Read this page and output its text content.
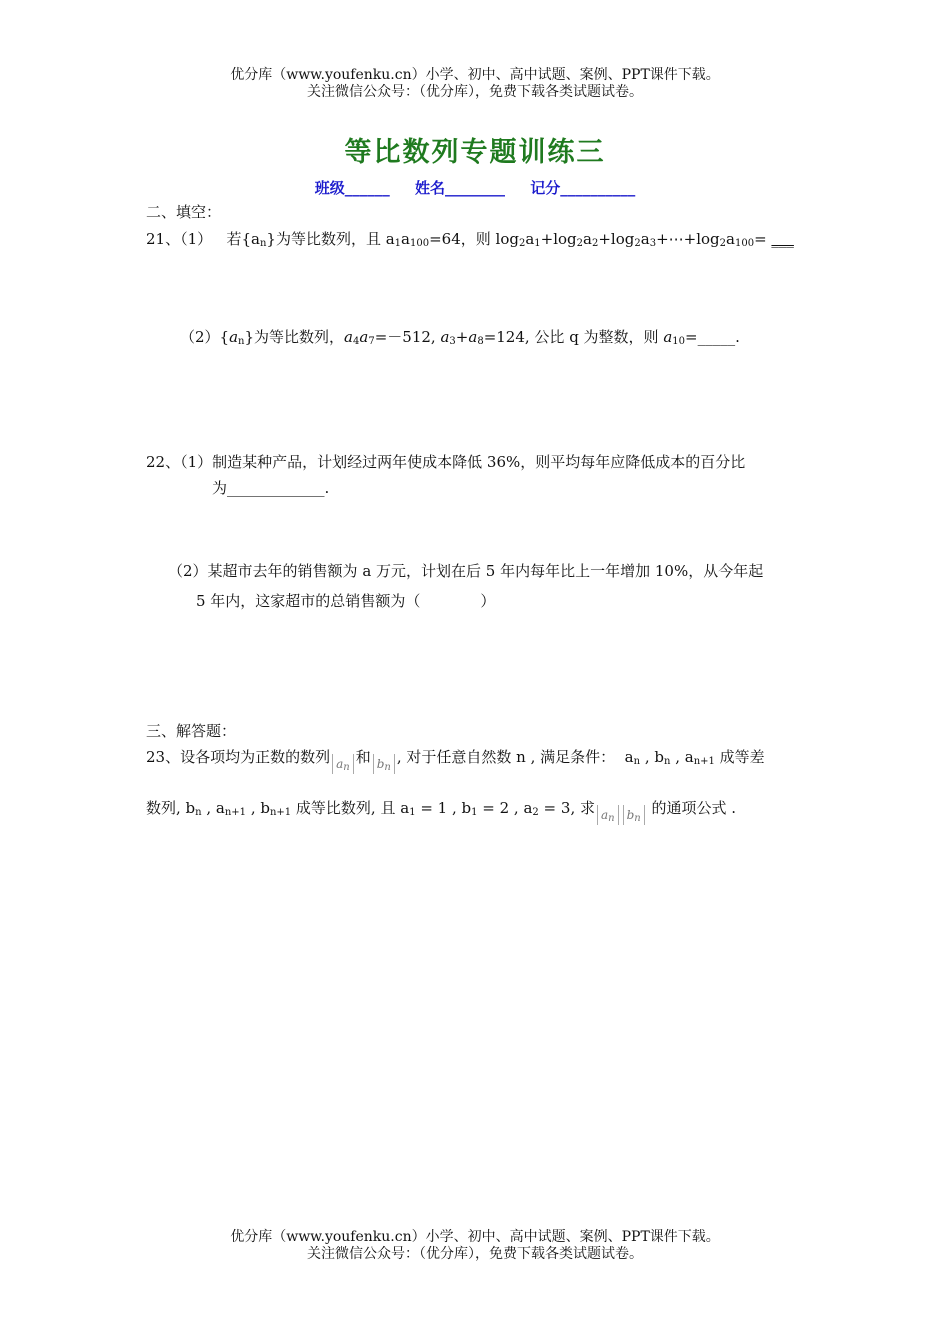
优分库（www.youfenku.cn）小学、初中、高中试题、案例、PPT课件下载。
关注微信公众号：（优分库），免费下载各类试题试卷。
等比数列专题训练三
班级______ 姓名________ 记分__________
二、填空：
21、（1） 若$\{a_n\}$为等比数列，且 $a_1a_{100}=64$，则 $\log_2a_1+\log_2a_2+\log_2a_3+\cdots+\log_2a_{100}=$ ___
$(2)\{a_n\}$为等比数列，$a_4a_7=-512$, $a_3+a_8=124$, 公比 q 为整数，则 $a_{10}=\_\_\_\_\_$.
22、（1）制造某种产品，计划经过两年使成本降低 36%，则平均每年应降低成本的百分比
为_____________.
（2）某超市去年的销售额为 a 万元，计划在后 5 年内每年比上一年增加 10%，从今年起
5 年内，这家超市的总销售额为（　　　　）
三、解答题：
23、设各项均为正数的数列 $a_n$和 $b_n$, 对于任意自然数 n , 满足条件：  $a_n$ , $b_n$ , $a_{n+1}$ 成等差
数列, $b_n$ , $a_{n+1}$ , $b_{n+1}$ 成等比数列, 且 $a_1 = 1$ , $b_1 = 2$ , $a_2 = 3$, 求 $a_n$ $b_n$ 的通项公式 .
优分库（www.youfenku.cn）小学、初中、高中试题、案例、PPT课件下载。
关注微信公众号：（优分库），免费下载各类试题试卷。
